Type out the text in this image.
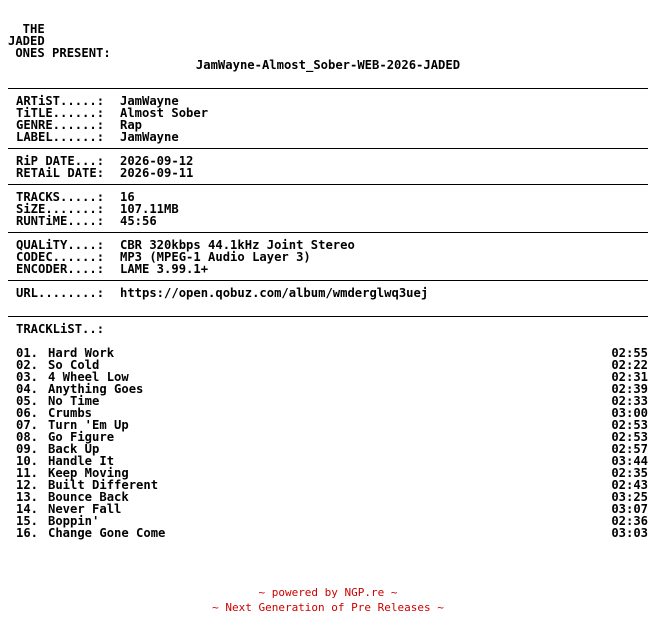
THE
JADED
ONES PRESENT:
JamWayne-Almost_Sober-WEB-2026-JADED
ARTiST.....:	JamWayne
TiTLE......:	Almost Sober
GENRE......:	Rap
LABEL......:	JamWayne
RiP DATE...:	2026-09-12
RETAiL DATE:	2026-09-11
TRACKS.....:	16
SiZE.......:	107.11MB
RUNTiME....:	45:56
QUALiTY....:	CBR 320kbps 44.1kHz Joint Stereo
CODEC......:	MP3 (MPEG-1 Audio Layer 3)
ENCODER....:	LAME 3.99.1+
URL........:	https://open.qobuz.com/album/wmderglwq3uej
TRACKLiST..:
01. Hard Work	02:55
02. So Cold	02:22
03. 4 Wheel Low	02:31
04. Anything Goes	02:39
05. No Time	02:33
06. Crumbs	03:00
07. Turn 'Em Up	02:53
08. Go Figure	02:53
09. Back Up	02:57
10. Handle It	03:44
11. Keep Moving	02:35
12. Built Different	02:43
13. Bounce Back	03:25
14. Never Fall	03:07
15. Boppin'	02:36
16. Change Gone Come	03:03
~ powered by NGP.re ~
~ Next Generation of Pre Releases ~
